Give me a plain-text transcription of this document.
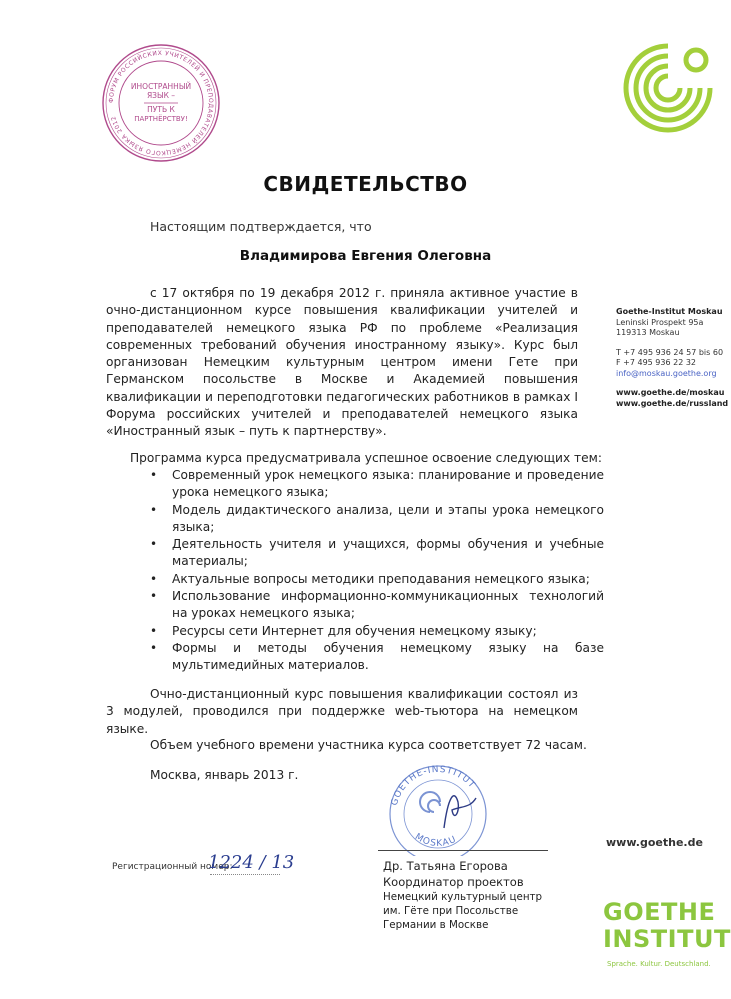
ФОРУМ РОССИЙСКИХ УЧИТЕЛЕЙ И ПРЕПОДАВАТЕЛЕЙ НЕМЕЦКОГО ЯЗЫКА 2012
ИНОСТРАННЫЙ
ЯЗЫК –
ПУТЬ К
ПАРТНЁРСТВУ!
СВИДЕТЕЛЬСТВО
Настоящим подтверждается, что
Владимирова Евгения Олеговна
с 17 октября по 19 декабря 2012 г. приняла активное участие в очно-дистанционном курсе повышения квалификации учителей и преподавателей немецкого языка РФ по проблеме «Реализация современных требований обучения иностранному языку». Курс был организован Немецким культурным центром имени Гете при Германском посольстве в Москве и Академией повышения квалификации и переподготовки педагогических работников в рамках I Форума российских учителей и преподавателей немецкого языка «Иностранный язык – путь к партнерству».
Программа курса предусматривала успешное освоение следующих тем:
• Современный урок немецкого языка: планирование и проведение урока немецкого языка;
• Модель дидактического анализа, цели и этапы урока немецкого языка;
• Деятельность учителя и учащихся, формы обучения и учебные материалы;
• Актуальные вопросы методики преподавания немецкого языка;
• Использование информационно-коммуникационных технологий на уроках немецкого языка;
• Ресурсы сети Интернет для обучения немецкому языку;
• Формы и методы обучения немецкому языку на базе мультимедийных материалов.
Очно-дистанционный курс повышения квалификации состоял из 3 модулей, проводился при поддержке web-тьютора на немецком языке.
Объем учебного времени участника курса соответствует 72 часам.
Москва, январь 2013 г.
GOETHE-INSTITUT
MOSKAU
Др. Татьяна Егорова
Координатор проектов
Немецкий культурный центр
им. Гёте при Посольстве
Германии в Москве
Регистрационный номер:
1224 / 13
Goethe-Institut Moskau
Leninski Prospekt 95a
119313 Moskau
T +7 495 936 24 57 bis 60
F +7 495 936 22 32
info@moskau.goethe.org
www.goethe.de/moskau
www.goethe.de/russland
www.goethe.de
GOETHE
INSTITUT
Sprache. Kultur. Deutschland.
